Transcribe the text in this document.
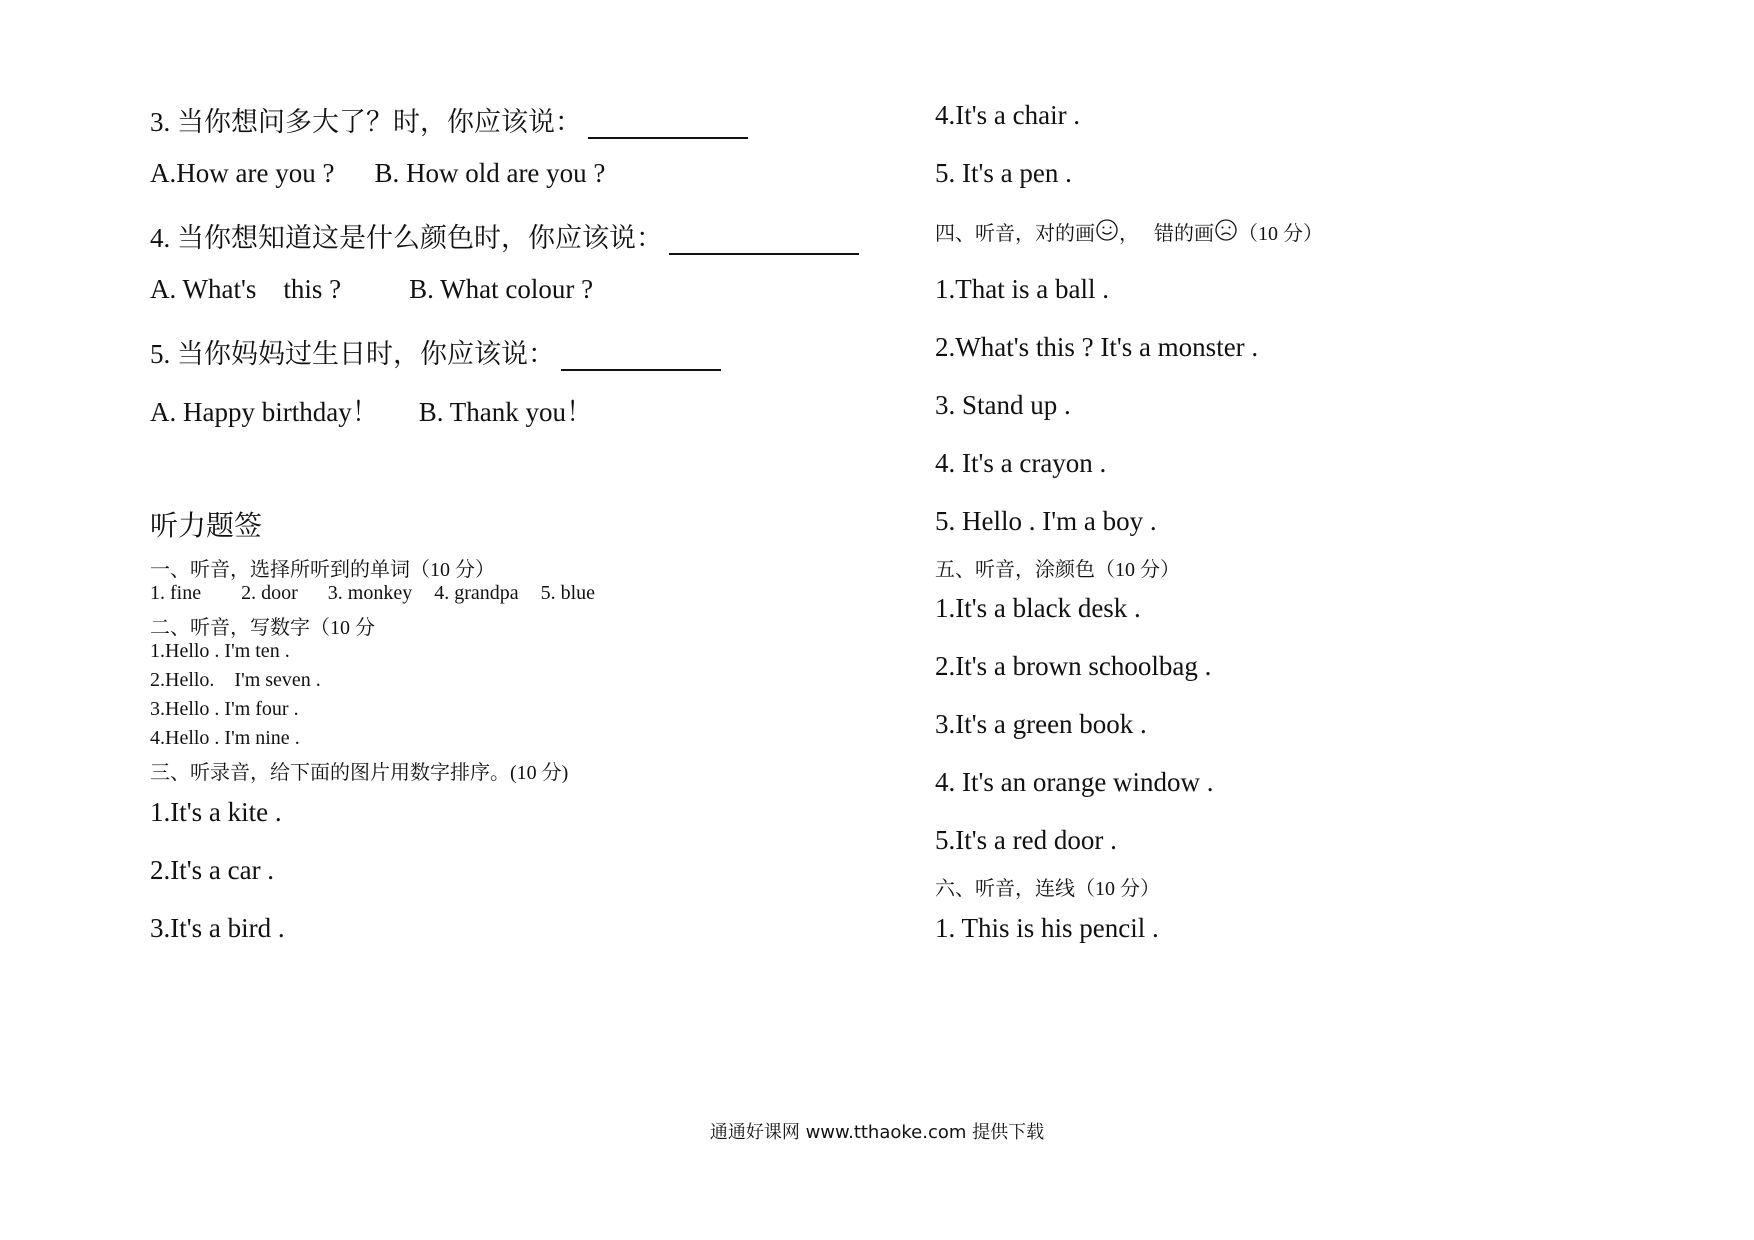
3. 当你想问多大了？时，你应该说：
A.How are you ? B. How old are you ?
4. 当你想知道这是什么颜色时，你应该说：
A. What's    this ?	B. What colour ?
5. 当你妈妈过生日时，你应该说：
A. Happy birthday！ B. Thank you！
听力题签
一、听音，选择所听到的单词（10 分）
1. fine 2. door 3. monkey 4. grandpa 5. blue
二、听音，写数字（10 分
1.Hello . I'm ten .
2.Hello.    I'm seven .
3.Hello . I'm four .
4.Hello . I'm nine .
三、听录音，给下面的图片用数字排序。(10 分)
1.It's a kite .
2.It's a car .
3.It's a bird .
4.It's a chair .
5. It's a pen .
四、听音，对的画 ，   错的画 （10 分）
1.That is a ball .
2.What's this ? It's a monster .
3. Stand up .
4. It's a crayon .
5. Hello . I'm a boy .
五、听音，涂颜色（10 分）
1.It's a black desk .
2.It's a brown schoolbag .
3.It's a green book .
4. It's an orange window .
5.It's a red door .
六、听音，连线（10 分）
1. This is his pencil .
通通好课网 www.tthaoke.com 提供下载
